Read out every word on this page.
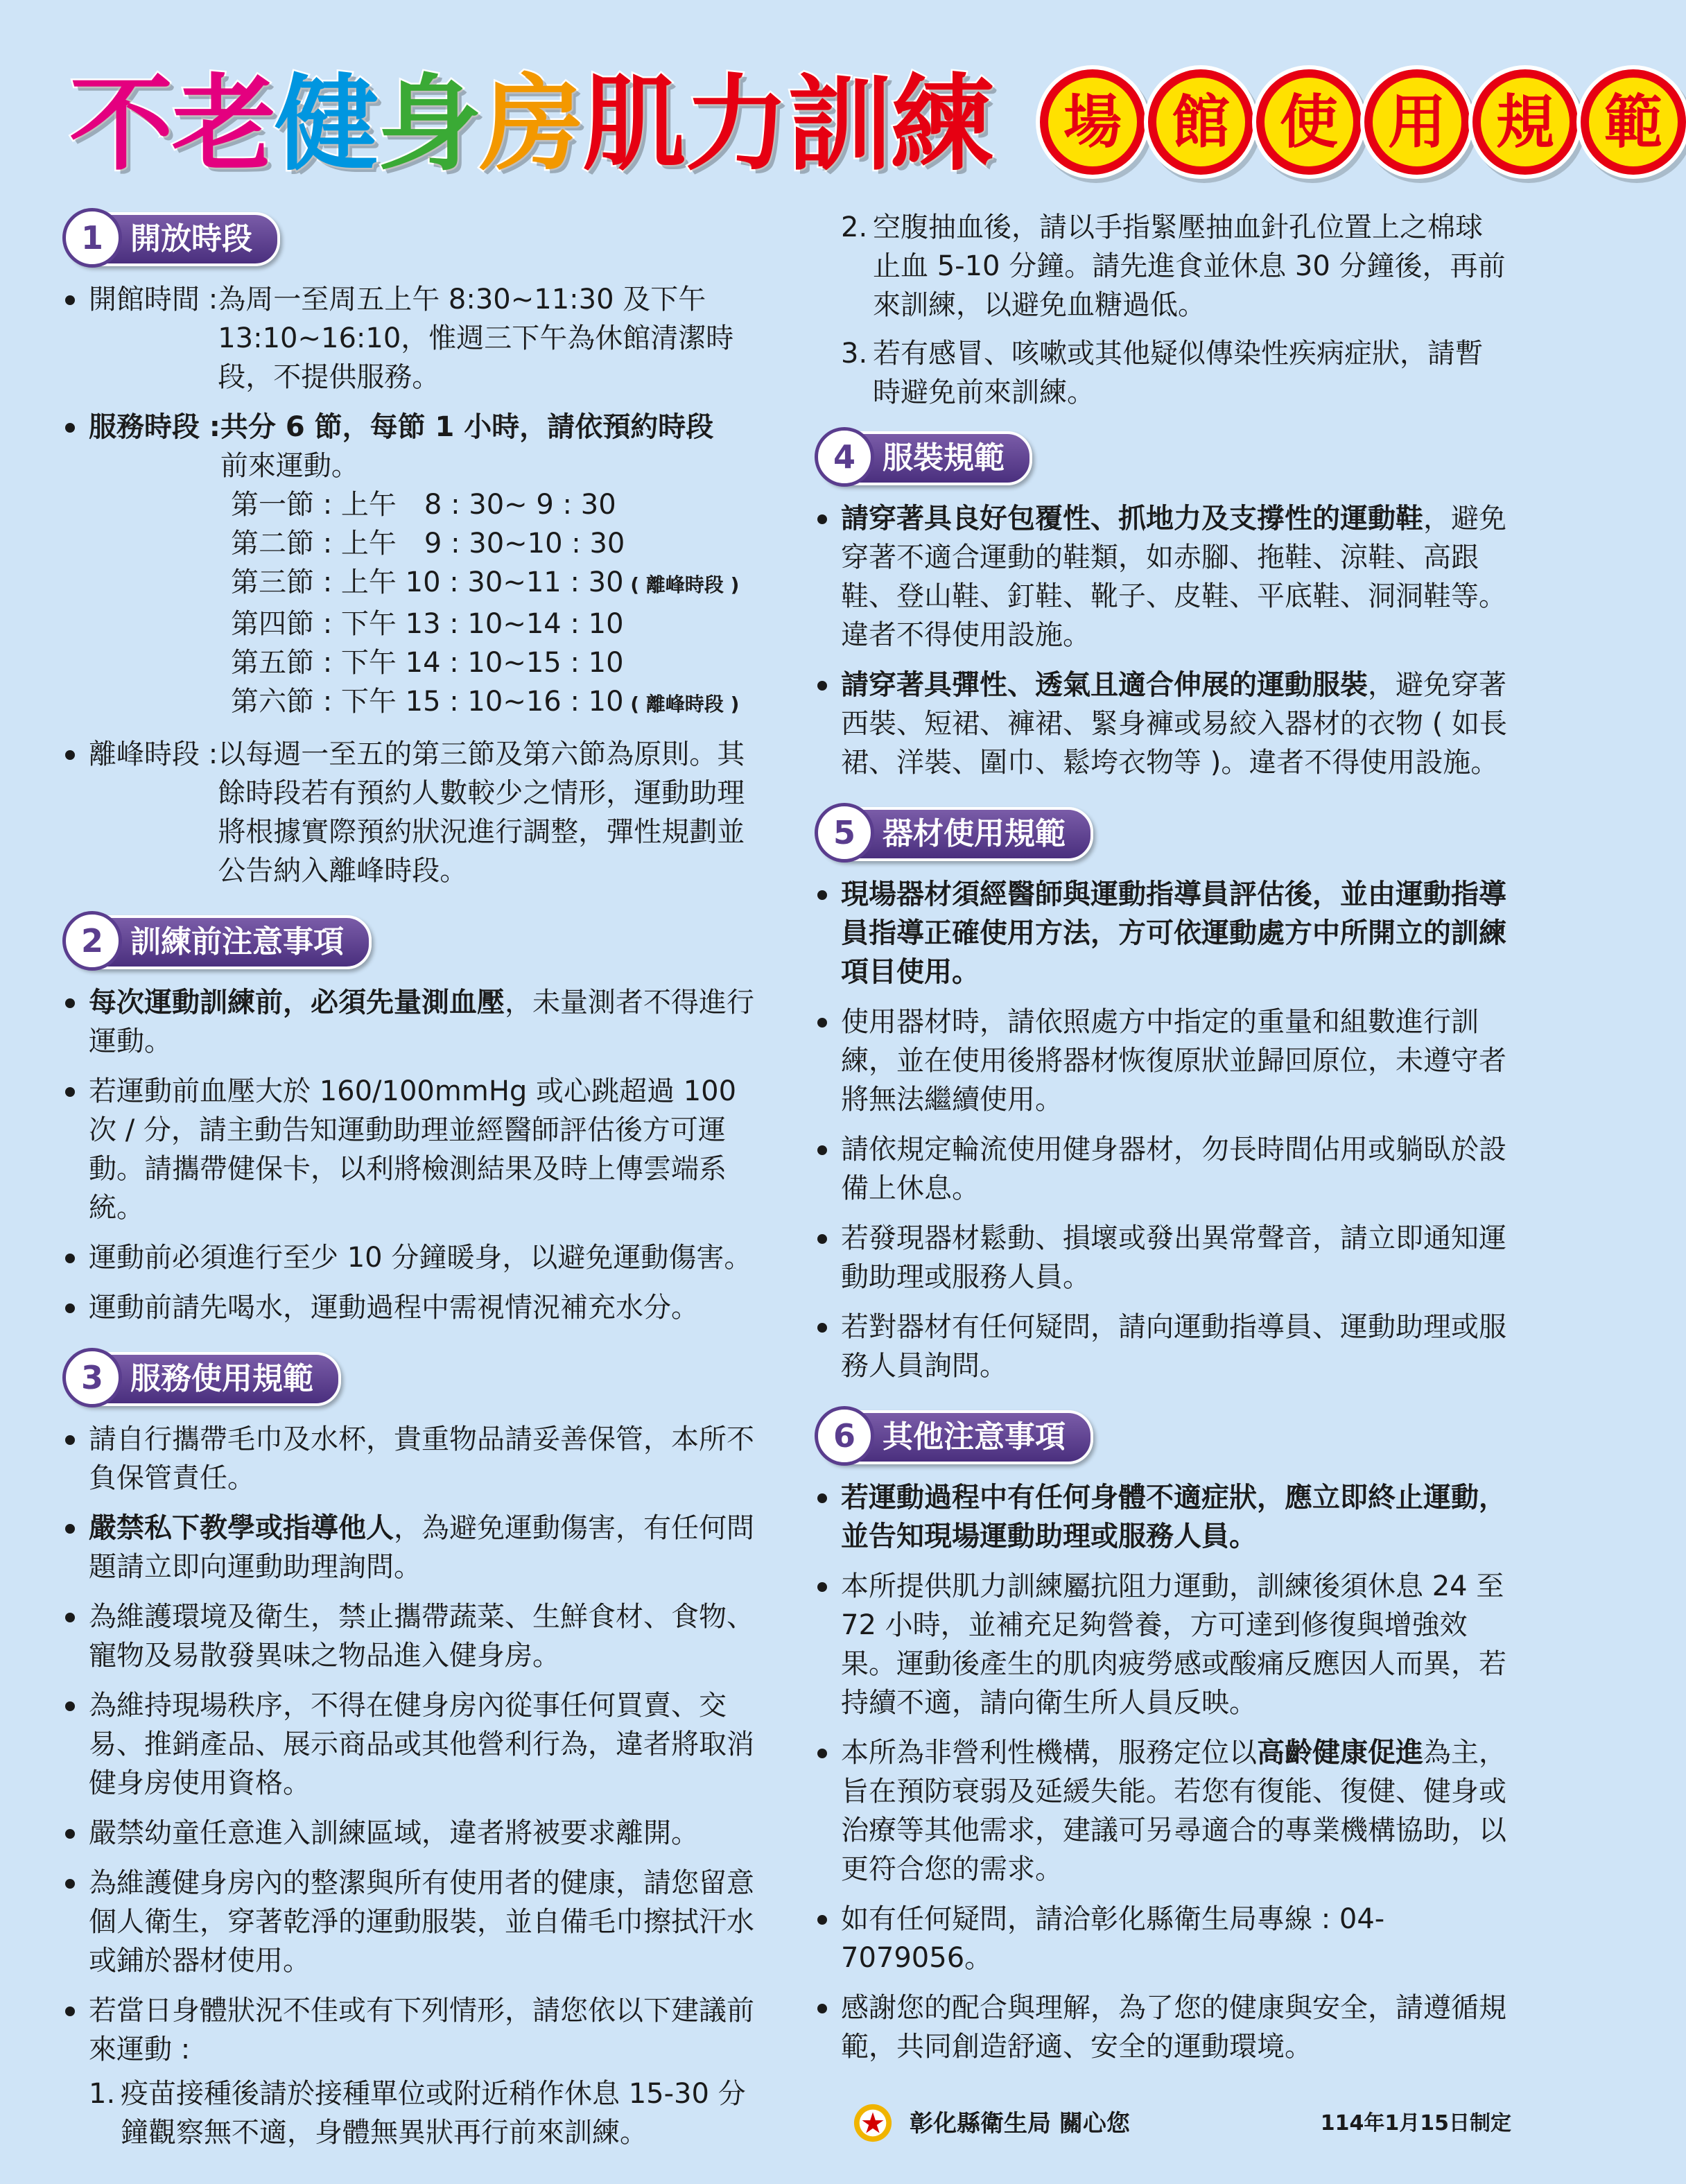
不 老 健 身 房 肌 力 訓 練	場 館 使 用 規 範
1 開放時段
開館時間 : 為周一至周五上午 8:30~11:30 及下午 13:10~16:10，惟週三下午為休館清潔時段，不提供服務。
服務時段 : 共分 6 節，每節 1 小時，請依預約時段
前來運動。
第一節 : 上午　8 : 30~ 9 : 30
第二節 : 上午　9 : 30~10 : 30
第三節 : 上午 10 : 30~11 : 30 ( 離峰時段 )
第四節 : 下午 13 : 10~14 : 10
第五節 : 下午 14 : 10~15 : 10
第六節 : 下午 15 : 10~16 : 10 ( 離峰時段 )
離峰時段 : 以每週一至五的第三節及第六節為原則。其餘時段若有預約人數較少之情形，運動助理將根據實際預約狀況進行調整，彈性規劃並公告納入離峰時段。
2 訓練前注意事項
每次運動訓練前，必須先量測血壓，未量測者不得進行運動。
若運動前血壓大於 160/100mmHg 或心跳超過 100 次 / 分，請主動告知運動助理並經醫師評估後方可運動。請攜帶健保卡，以利將檢測結果及時上傳雲端系統。
運動前必須進行至少 10 分鐘暖身，以避免運動傷害。
運動前請先喝水，運動過程中需視情況補充水分。
3 服務使用規範
請自行攜帶毛巾及水杯，貴重物品請妥善保管，本所不負保管責任。
嚴禁私下教學或指導他人，為避免運動傷害，有任何問題請立即向運動助理詢問。
為維護環境及衛生，禁止攜帶蔬菜、生鮮食材、食物、寵物及易散發異味之物品進入健身房。
為維持現場秩序，不得在健身房內從事任何買賣、交易、推銷產品、展示商品或其他營利行為，違者將取消健身房使用資格。
嚴禁幼童任意進入訓練區域，違者將被要求離開。
為維護健身房內的整潔與所有使用者的健康，請您留意個人衛生，穿著乾淨的運動服裝，並自備毛巾擦拭汗水或鋪於器材使用。
若當日身體狀況不佳或有下列情形，請您依以下建議前來運動 :
1. 疫苗接種後請於接種單位或附近稍作休息 15-30 分鐘觀察無不適，身體無異狀再行前來訓練。
2. 空腹抽血後，請以手指緊壓抽血針孔位置上之棉球止血 5-10 分鐘。請先進食並休息 30 分鐘後，再前來訓練，以避免血糖過低。
3. 若有感冒、咳嗽或其他疑似傳染性疾病症狀，請暫時避免前來訓練。
4 服裝規範
請穿著具良好包覆性、抓地力及支撐性的運動鞋，避免穿著不適合運動的鞋類，如赤腳、拖鞋、涼鞋、高跟鞋、登山鞋、釘鞋、靴子、皮鞋、平底鞋、洞洞鞋等。違者不得使用設施。
請穿著具彈性、透氣且適合伸展的運動服裝，避免穿著西裝、短裙、褲裙、緊身褲或易絞入器材的衣物 ( 如長裙、洋裝、圍巾、鬆垮衣物等 )。違者不得使用設施。
5 器材使用規範
現場器材須經醫師與運動指導員評估後，並由運動指導員指導正確使用方法，方可依運動處方中所開立的訓練項目使用。
使用器材時，請依照處方中指定的重量和組數進行訓練，並在使用後將器材恢復原狀並歸回原位，未遵守者將無法繼續使用。
請依規定輪流使用健身器材，勿長時間佔用或躺臥於設備上休息。
若發現器材鬆動、損壞或發出異常聲音，請立即通知運動助理或服務人員。
若對器材有任何疑問，請向運動指導員、運動助理或服務人員詢問。
6 其他注意事項
若運動過程中有任何身體不適症狀，應立即終止運動，並告知現場運動助理或服務人員。
本所提供肌力訓練屬抗阻力運動，訓練後須休息 24 至 72 小時，並補充足夠營養，方可達到修復與增強效果。運動後產生的肌肉疲勞感或酸痛反應因人而異，若持續不適，請向衛生所人員反映。
本所為非營利性機構，服務定位以高齡健康促進為主，旨在預防衰弱及延緩失能。若您有復能、復健、健身或治療等其他需求，建議可另尋適合的專業機構協助，以更符合您的需求。
如有任何疑問，請洽彰化縣衛生局專線 : 04-7079056。
感謝您的配合與理解，為了您的健康與安全，請遵循規範，共同創造舒適、安全的運動環境。
彰化縣衛生局 關心您	114年1月15日制定
